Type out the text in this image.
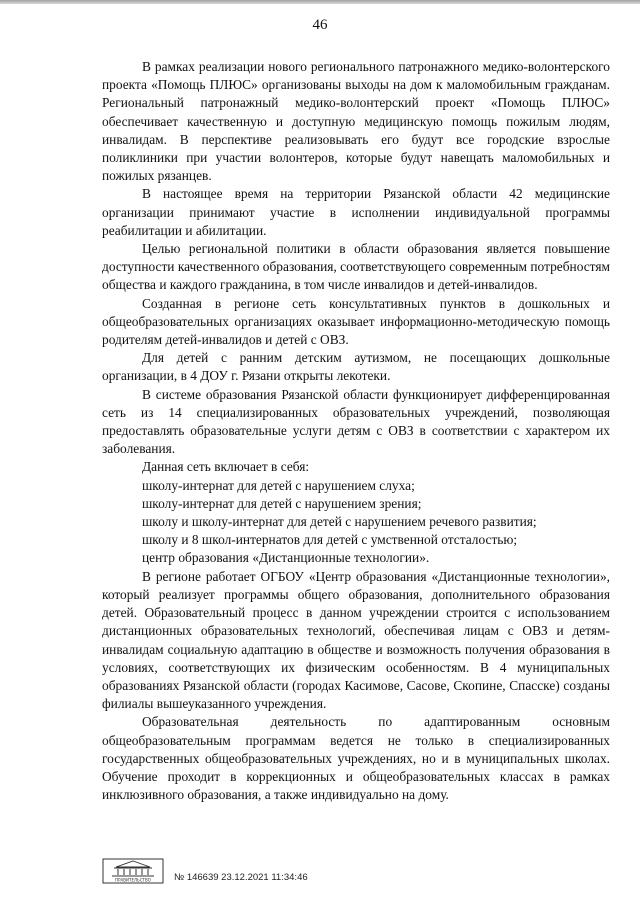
46

В рамках реализации нового регионального патронажного медико-волонтерского проекта «Помощь ПЛЮС» организованы выходы на дом к маломобильным гражданам. Региональный патронажный медико-волонтерский проект «Помощь ПЛЮС» обеспечивает качественную и доступную медицинскую помощь пожилым людям, инвалидам. В перспективе реализовывать его будут все городские взрослые поликлиники при участии волонтеров, которые будут навещать маломобильных и пожилых рязанцев.

В настоящее время на территории Рязанской области 42 медицинские организации принимают участие в исполнении индивидуальной программы реабилитации и абилитации.

Целью региональной политики в области образования является повышение доступности качественного образования, соответствующего современным потребностям общества и каждого гражданина, в том числе инвалидов и детей-инвалидов.

Созданная в регионе сеть консультативных пунктов в дошкольных и общеобразовательных организациях оказывает информационно-методическую помощь родителям детей-инвалидов и детей с ОВЗ.

Для детей с ранним детским аутизмом, не посещающих дошкольные организации, в 4 ДОУ г. Рязани открыты лекотеки.

В системе образования Рязанской области функционирует дифференцированная сеть из 14 специализированных образовательных учреждений, позволяющая предоставлять образовательные услуги детям с ОВЗ в соответствии с характером их заболевания.

Данная сеть включает в себя:

школу-интернат для детей с нарушением слуха;

школу-интернат для детей с нарушением зрения;

школу и школу-интернат для детей с нарушением речевого развития;

школу и 8 школ-интернатов для детей с умственной отсталостью;

центр образования «Дистанционные технологии».

В регионе работает ОГБОУ «Центр образования «Дистанционные технологии», который реализует программы общего образования, дополнительного образования детей. Образовательный процесс в данном учреждении строится с использованием дистанционных образовательных технологий, обеспечивая лицам с ОВЗ и детям-инвалидам социальную адаптацию в обществе и возможность получения образования в условиях, соответствующих их физическим особенностям. В 4 муниципальных образованиях Рязанской области (городах Касимове, Сасове, Скопине, Спасске) созданы филиалы вышеуказанного учреждения.

Образовательная деятельность по адаптированным основным общеобразовательным программам ведется не только в специализированных государственных общеобразовательных учреждениях, но и в муниципальных школах. Обучение проходит в коррекционных и общеобразовательных классах в рамках инклюзивного образования, а также индивидуально на дому.

ПРАВИТЕЛЬСТВО № 146639 23.12.2021 11:34:46
